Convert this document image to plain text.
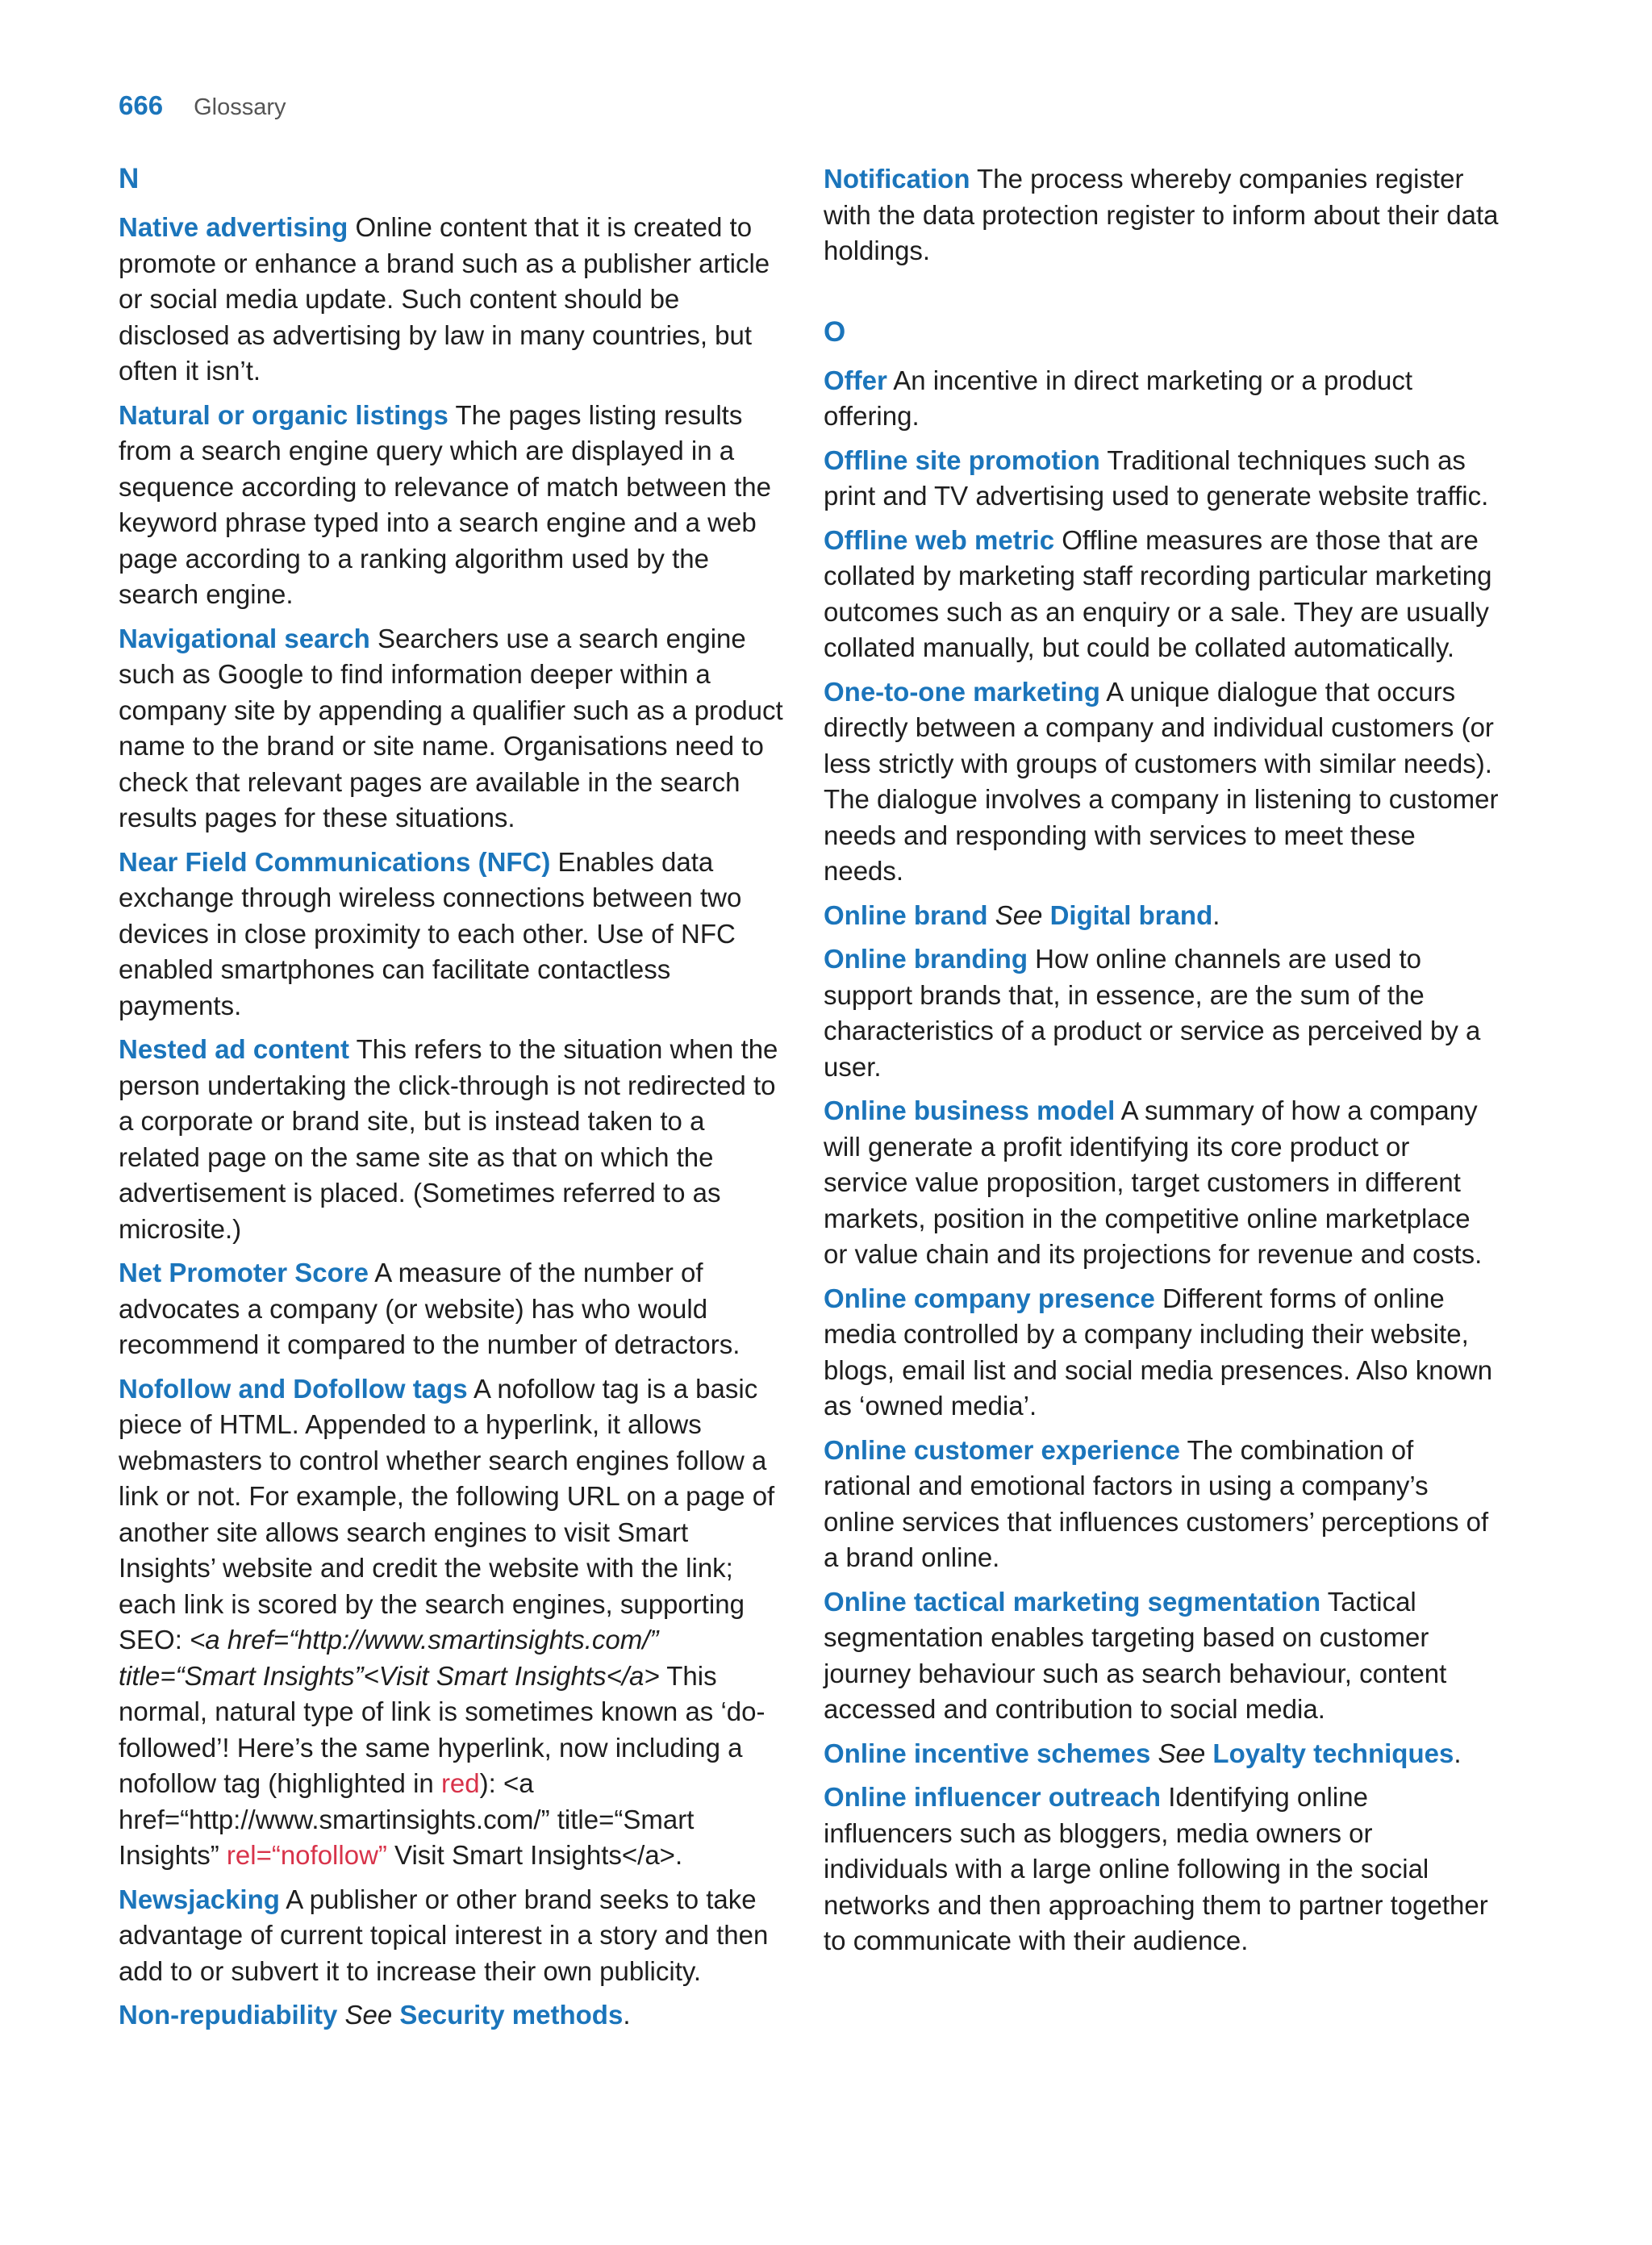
666 Glossary
N

Native advertising Online content that it is created to promote or enhance a brand such as a publisher article or social media update. Such content should be disclosed as advertising by law in many countries, but often it isn’t.

Natural or organic listings The pages listing results from a search engine query which are displayed in a sequence according to relevance of match between the keyword phrase typed into a search engine and a web page according to a ranking algorithm used by the search engine.

Navigational search Searchers use a search engine such as Google to find information deeper within a company site by appending a qualifier such as a product name to the brand or site name. Organisations need to check that relevant pages are available in the search results pages for these situations.

Near Field Communications (NFC) Enables data exchange through wireless connections between two devices in close proximity to each other. Use of NFC enabled smartphones can facilitate contactless payments.

Nested ad content This refers to the situation when the person undertaking the click-through is not redirected to a corporate or brand site, but is instead taken to a related page on the same site as that on which the advertisement is placed. (Sometimes referred to as microsite.)

Net Promoter Score A measure of the number of advocates a company (or website) has who would recommend it compared to the number of detractors.

Nofollow and Dofollow tags A nofollow tag is a basic piece of HTML. Appended to a hyperlink, it allows webmasters to control whether search engines follow a link or not. For example, the following URL on a page of another site allows search engines to visit Smart Insights’ website and credit the website with the link; each link is scored by the search engines, supporting SEO: <a href=“http://www.smartinsights.com/” title=“Smart Insights”<Visit Smart Insights</a> This normal, natural type of link is sometimes known as ‘do-followed’! Here’s the same hyperlink, now including a nofollow tag (highlighted in red): <a href=“http://www.smartinsights.com/” title=“Smart Insights” rel=“nofollow” Visit Smart Insights</a>.

Newsjacking A publisher or other brand seeks to take advantage of current topical interest in a story and then add to or subvert it to increase their own publicity.

Non-repudiability See Security methods.

Notification The process whereby companies register with the data protection register to inform about their data holdings.

O

Offer An incentive in direct marketing or a product offering.

Offline site promotion Traditional techniques such as print and TV advertising used to generate website traffic.

Offline web metric Offline measures are those that are collated by marketing staff recording particular marketing outcomes such as an enquiry or a sale. They are usually collated manually, but could be collated automatically.

One-to-one marketing A unique dialogue that occurs directly between a company and individual customers (or less strictly with groups of customers with similar needs). The dialogue involves a company in listening to customer needs and responding with services to meet these needs.

Online brand See Digital brand.

Online branding How online channels are used to support brands that, in essence, are the sum of the characteristics of a product or service as perceived by a user.

Online business model A summary of how a company will generate a profit identifying its core product or service value proposition, target customers in different markets, position in the competitive online marketplace or value chain and its projections for revenue and costs.

Online company presence Different forms of online media controlled by a company including their website, blogs, email list and social media presences. Also known as ‘owned media’.

Online customer experience The combination of rational and emotional factors in using a company’s online services that influences customers’ perceptions of a brand online.

Online tactical marketing segmentation Tactical segmentation enables targeting based on customer journey behaviour such as search behaviour, content accessed and contribution to social media.

Online incentive schemes See Loyalty techniques.

Online influencer outreach Identifying online influencers such as bloggers, media owners or individuals with a large online following in the social networks and then approaching them to partner together to communicate with their audience.
